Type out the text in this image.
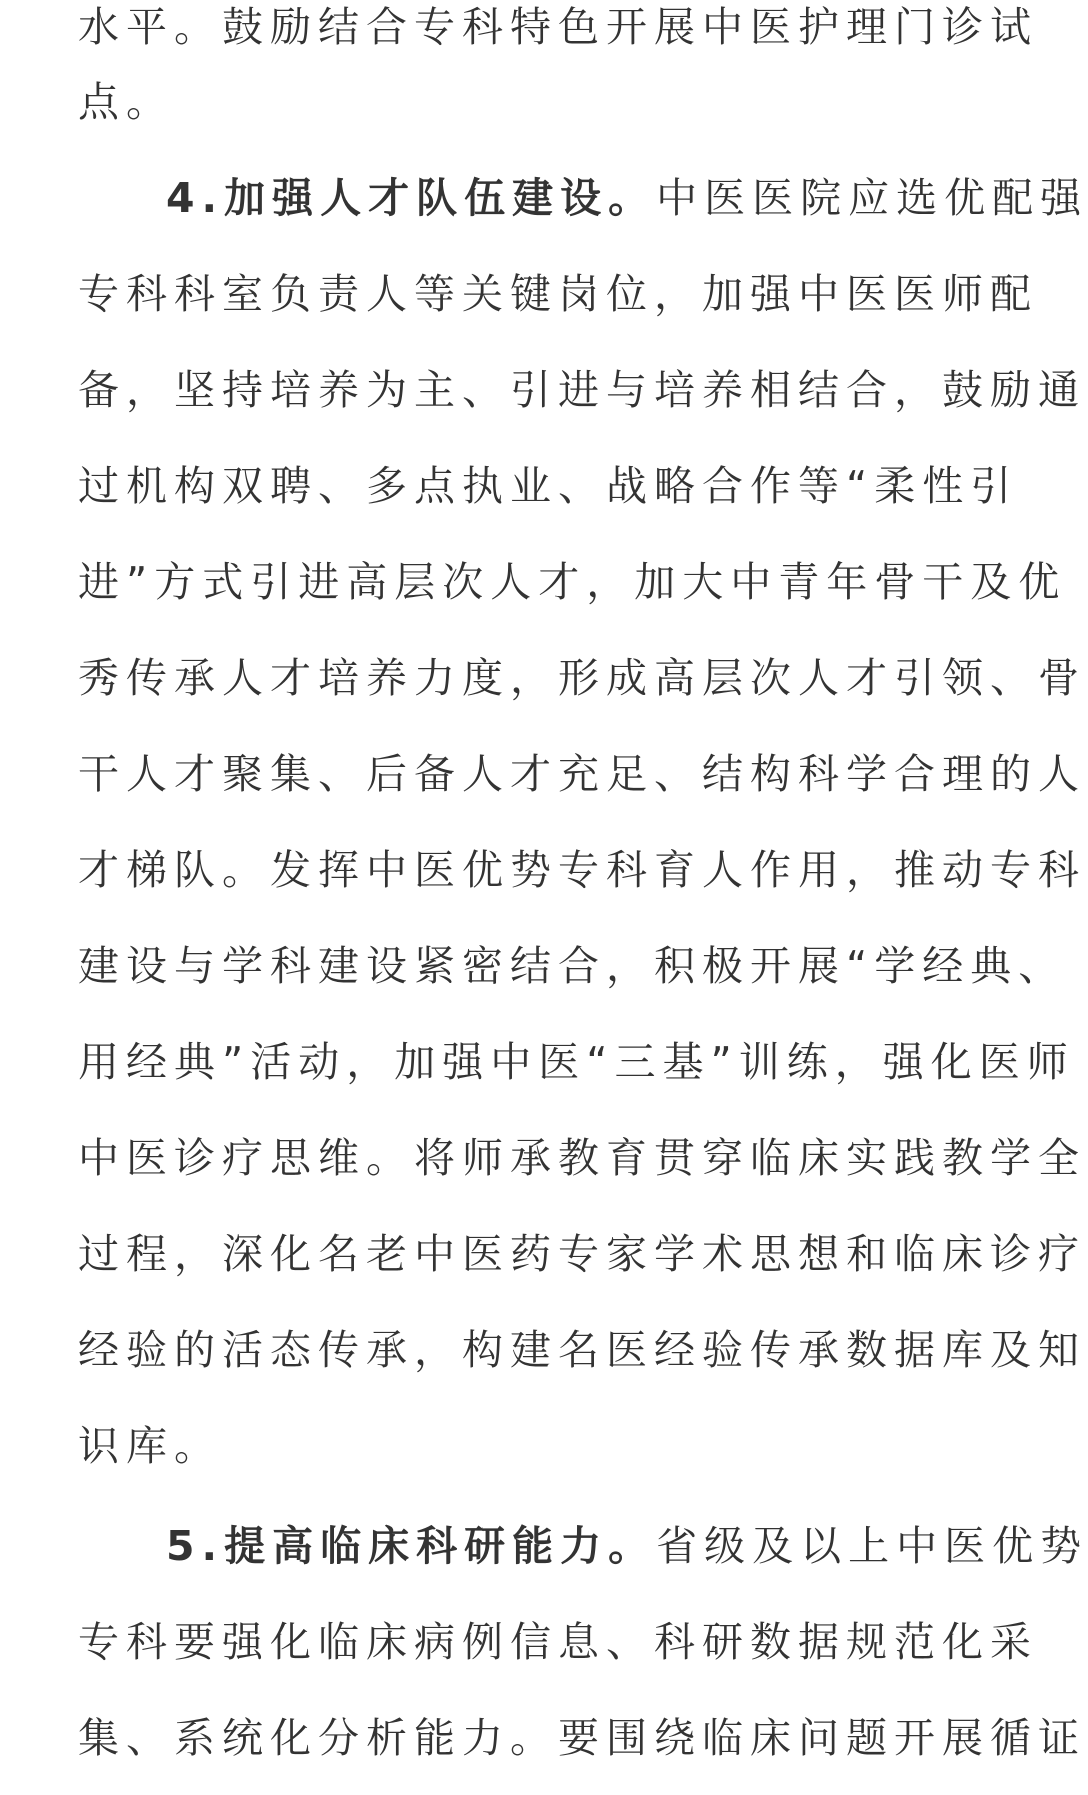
水平。鼓励结合专科特色开展中医护理门诊试
点。
4.加强人才队伍建设。中医医院应选优配强
专科科室负责人等关键岗位，加强中医医师配
备，坚持培养为主、引进与培养相结合，鼓励通
过机构双聘、多点执业、战略合作等“柔性引
进”方式引进高层次人才，加大中青年骨干及优
秀传承人才培养力度，形成高层次人才引领、骨
干人才聚集、后备人才充足、结构科学合理的人
才梯队。发挥中医优势专科育人作用，推动专科
建设与学科建设紧密结合，积极开展“学经典、
用经典”活动，加强中医“三基”训练，强化医师
中医诊疗思维。将师承教育贯穿临床实践教学全
过程，深化名老中医药专家学术思想和临床诊疗
经验的活态传承，构建名医经验传承数据库及知
识库。
5.提高临床科研能力。省级及以上中医优势
专科要强化临床病例信息、科研数据规范化采
集、系统化分析能力。要围绕临床问题开展循证
